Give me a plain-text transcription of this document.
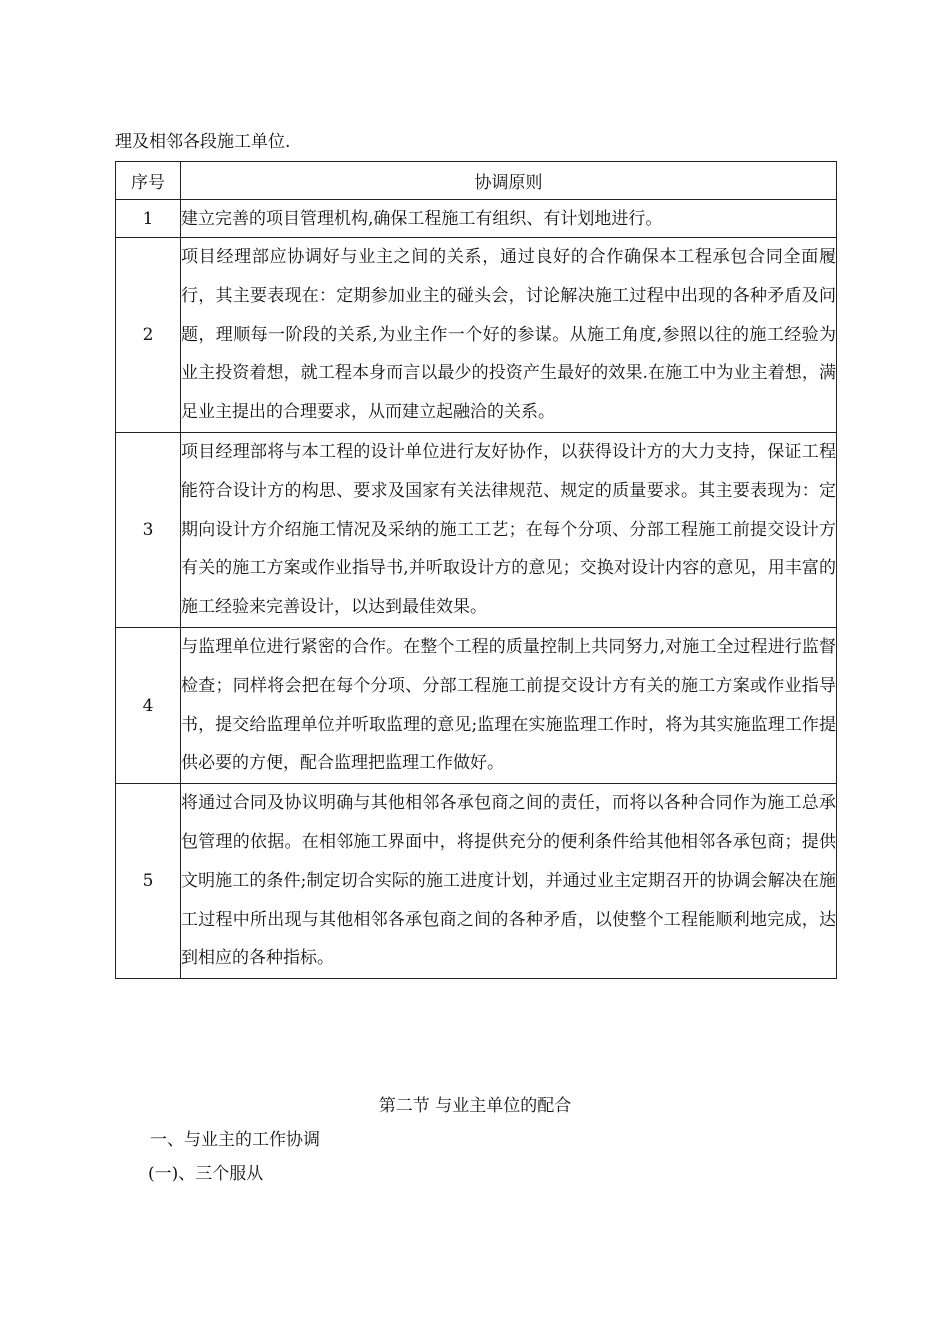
理及相邻各段施工单位.
序号	协调原则
1	建立完善的项目管理机构,确保工程施工有组织、有计划地进行。
2	项目经理部应协调好与业主之间的关系，通过良好的合作确保本工程承包合同全面履行，其主要表现在：定期参加业主的碰头会，讨论解决施工过程中出现的各种矛盾及问题，理顺每一阶段的关系,为业主作一个好的参谋。从施工角度,参照以往的施工经验为业主投资着想，就工程本身而言以最少的投资产生最好的效果.在施工中为业主着想，满足业主提出的合理要求，从而建立起融洽的关系。
3	项目经理部将与本工程的设计单位进行友好协作，以获得设计方的大力支持，保证工程能符合设计方的构思、要求及国家有关法律规范、规定的质量要求。其主要表现为：定期向设计方介绍施工情况及采纳的施工工艺；在每个分项、分部工程施工前提交设计方有关的施工方案或作业指导书,并听取设计方的意见；交换对设计内容的意见，用丰富的施工经验来完善设计，以达到最佳效果。
4	与监理单位进行紧密的合作。在整个工程的质量控制上共同努力,对施工全过程进行监督检查；同样将会把在每个分项、分部工程施工前提交设计方有关的施工方案或作业指导书，提交给监理单位并听取监理的意见;监理在实施监理工作时，将为其实施监理工作提供必要的方便，配合监理把监理工作做好。
5	将通过合同及协议明确与其他相邻各承包商之间的责任，而将以各种合同作为施工总承包管理的依据。在相邻施工界面中，将提供充分的便利条件给其他相邻各承包商；提供文明施工的条件;制定切合实际的施工进度计划，并通过业主定期召开的协调会解决在施工过程中所出现与其他相邻各承包商之间的各种矛盾，以使整个工程能顺利地完成，达到相应的各种指标。
第二节 与业主单位的配合
一、与业主的工作协调
(一)、三个服从
